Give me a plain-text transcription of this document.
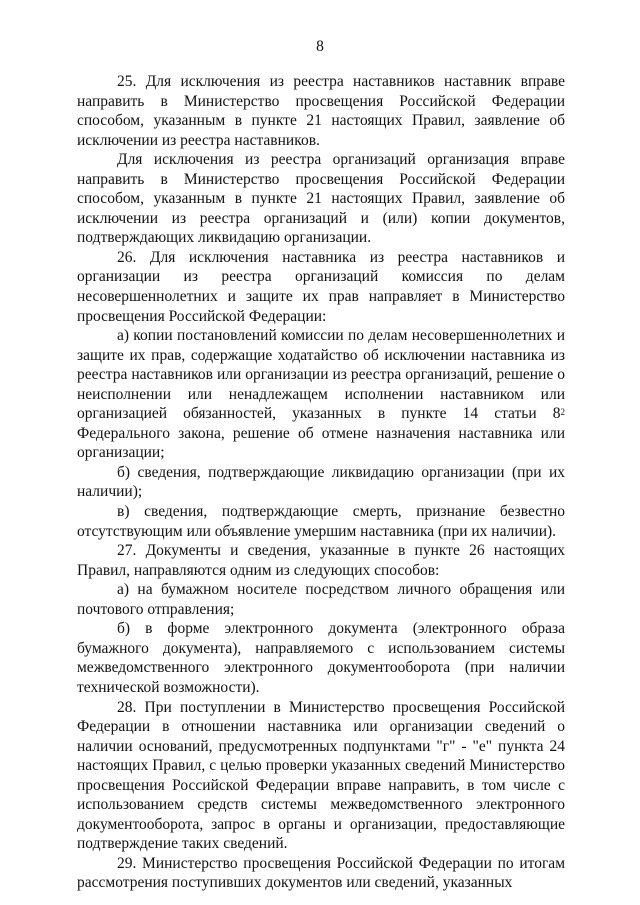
8

25. Для исключения из реестра наставников наставник вправе направить в Министерство просвещения Российской Федерации способом, указанным в пункте 21 настоящих Правил, заявление об исключении из реестра наставников.

Для исключения из реестра организаций организация вправе направить в Министерство просвещения Российской Федерации способом, указанным в пункте 21 настоящих Правил, заявление об исключении из реестра организаций и (или) копии документов, подтверждающих ликвидацию организации.

26. Для исключения наставника из реестра наставников и организации из реестра организаций комиссия по делам несовершеннолетних и защите их прав направляет в Министерство просвещения Российской Федерации:

а) копии постановлений комиссии по делам несовершеннолетних и защите их прав, содержащие ходатайство об исключении наставника из реестра наставников или организации из реестра организаций, решение о неисполнении или ненадлежащем исполнении наставником или организацией обязанностей, указанных в пункте 14 статьи $8^2$ Федерального закона, решение об отмене назначения наставника или организации;

б) сведения, подтверждающие ликвидацию организации (при их наличии);

в) сведения, подтверждающие смерть, признание безвестно отсутствующим или объявление умершим наставника (при их наличии).

27. Документы и сведения, указанные в пункте 26 настоящих Правил, направляются одним из следующих способов:

а) на бумажном носителе посредством личного обращения или почтового отправления;

б) в форме электронного документа (электронного образа бумажного документа), направляемого с использованием системы межведомственного электронного документооборота (при наличии технической возможности).

28. При поступлении в Министерство просвещения Российской Федерации в отношении наставника или организации сведений о наличии оснований, предусмотренных подпунктами "г" - "е" пункта 24 настоящих Правил, с целью проверки указанных сведений Министерство просвещения Российской Федерации вправе направить, в том числе с использованием средств системы межведомственного электронного документооборота, запрос в органы и организации, предоставляющие подтверждение таких сведений.

29. Министерство просвещения Российской Федерации по итогам рассмотрения поступивших документов или сведений, указанных
